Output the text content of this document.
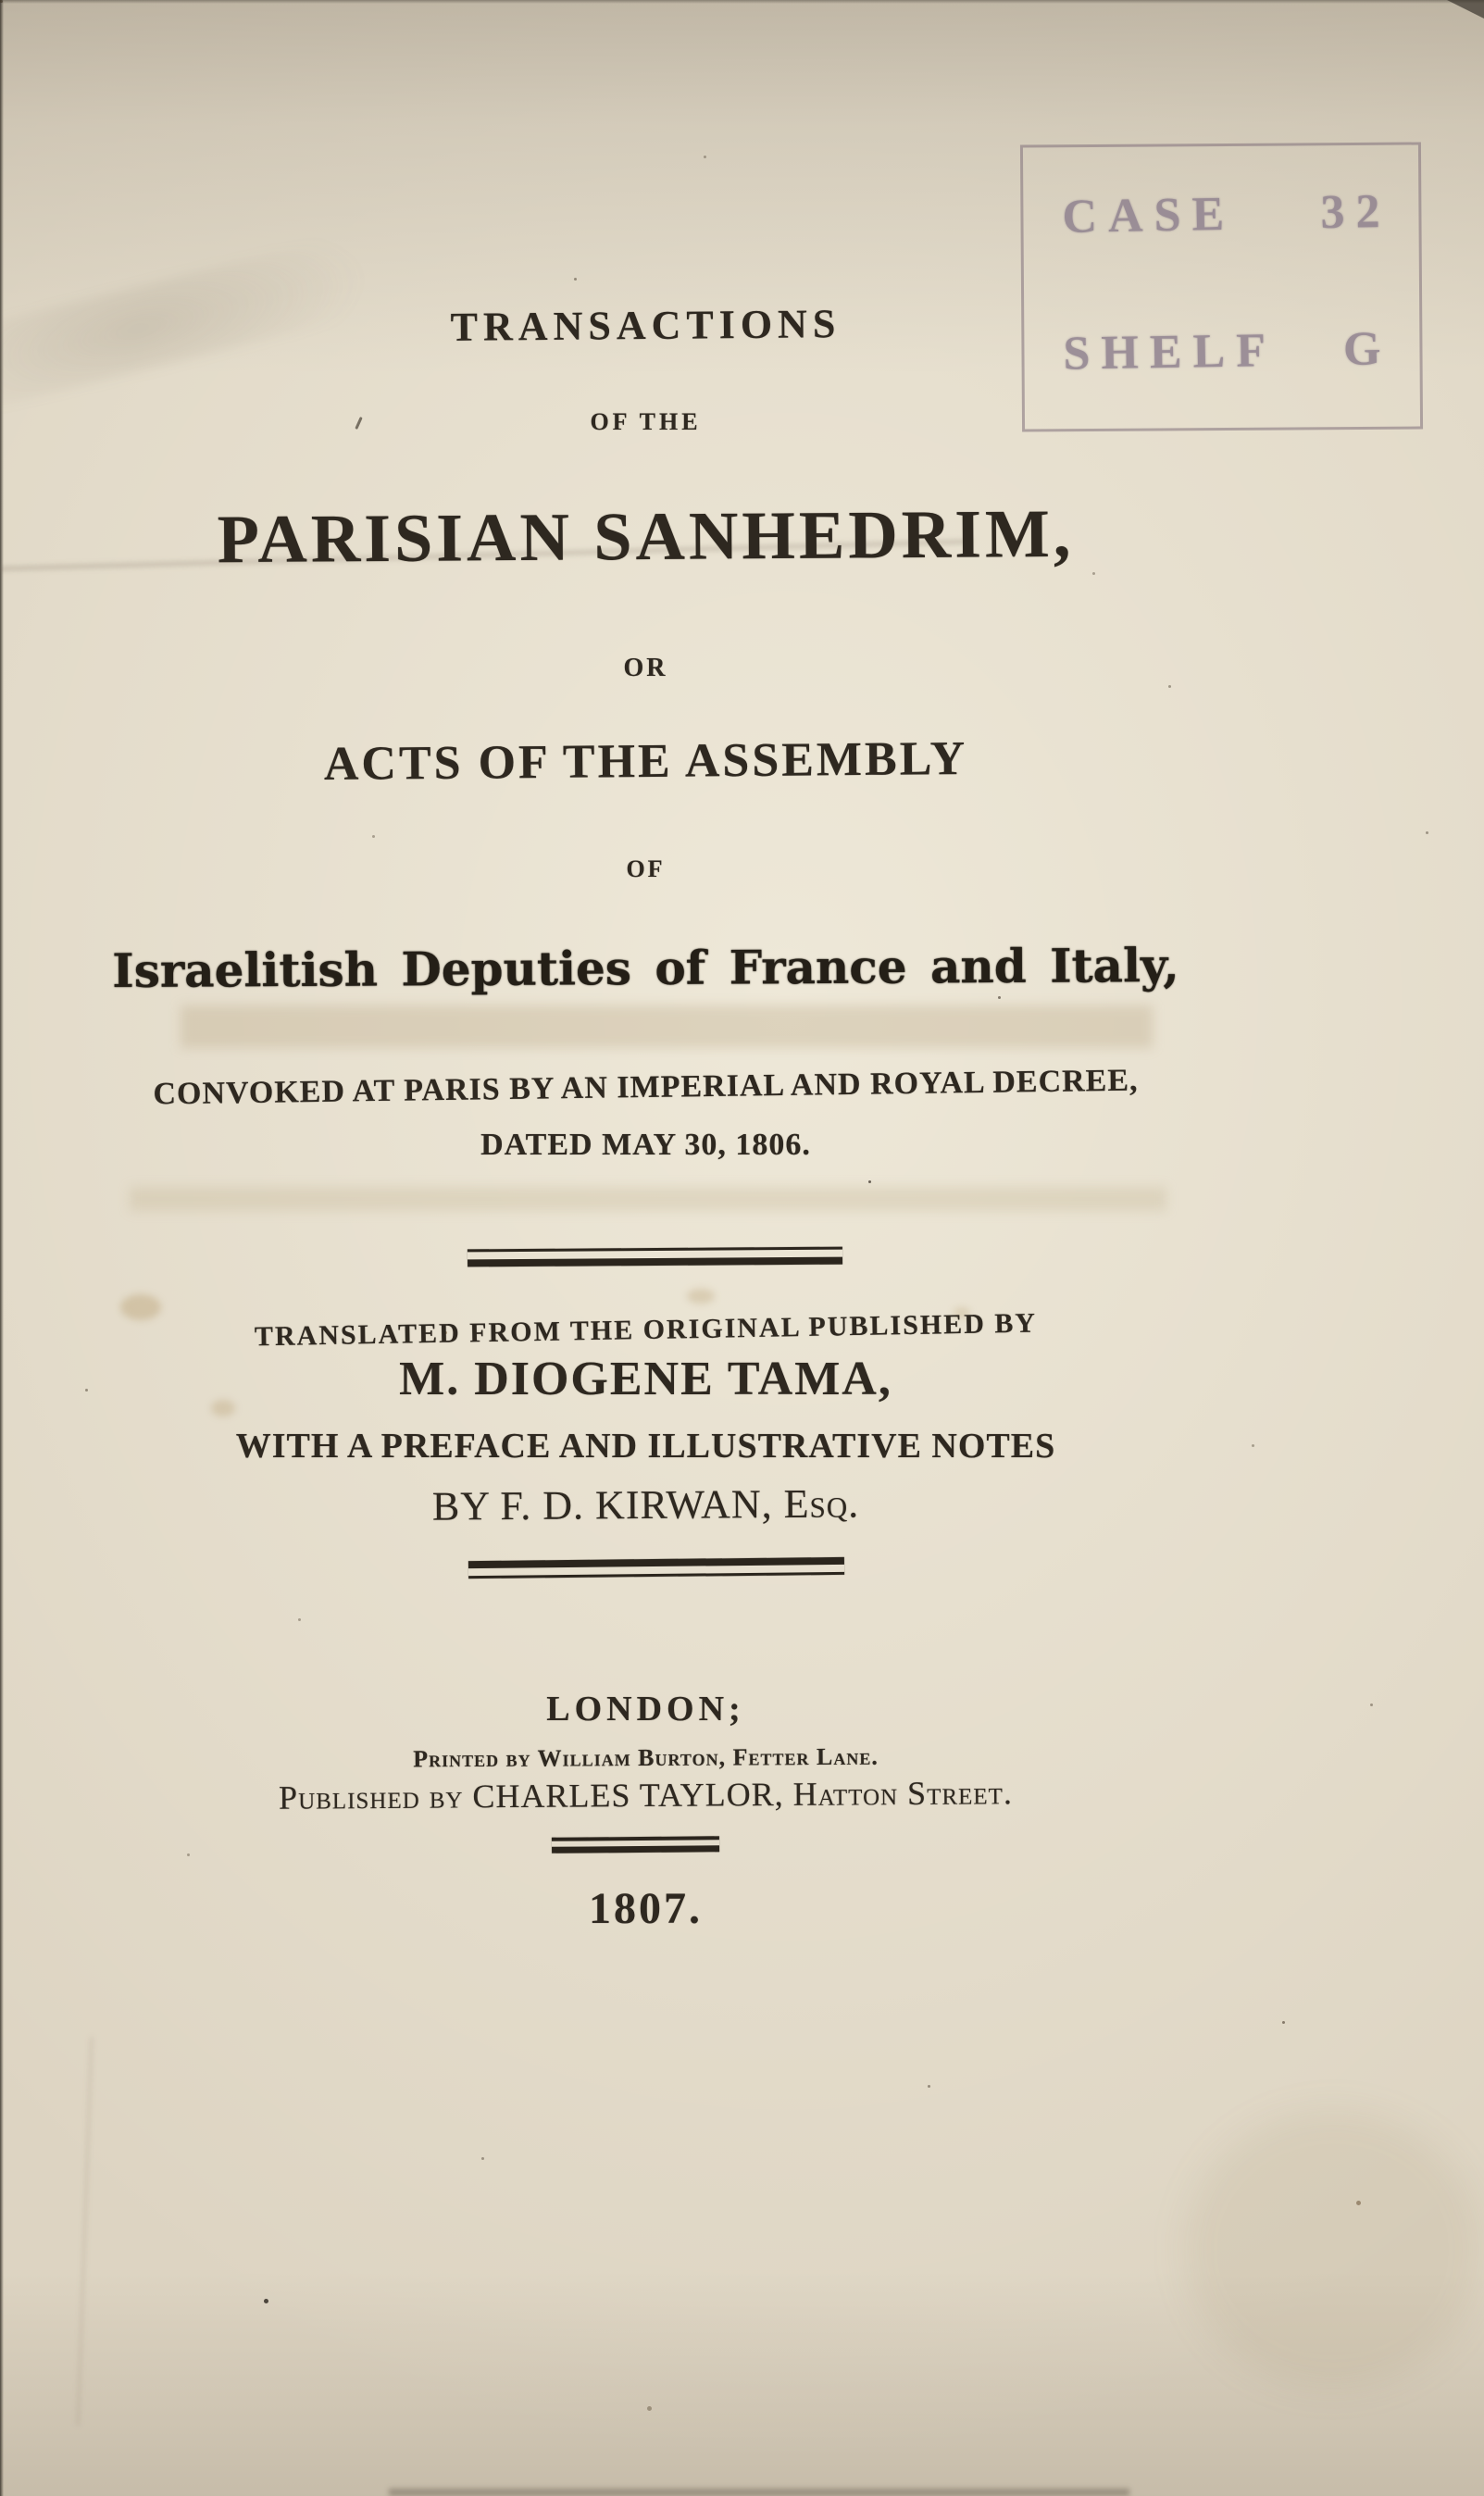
CASE 32
SHELF G
TRANSACTIONS
OF THE
PARISIAN SANHEDRIM,
OR
ACTS OF THE ASSEMBLY
OF
Israelitish Deputies of France and Italy,
CONVOKED AT PARIS BY AN IMPERIAL AND ROYAL DECREE,
DATED MAY 30, 1806.
TRANSLATED FROM THE ORIGINAL PUBLISHED BY
M. DIOGENE TAMA,
WITH A PREFACE AND ILLUSTRATIVE NOTES
BY F. D. KIRWAN, Esq.
LONDON;
Printed by William Burton, Fetter Lane.
Published by CHARLES TAYLOR, Hatton Street.
1807.
